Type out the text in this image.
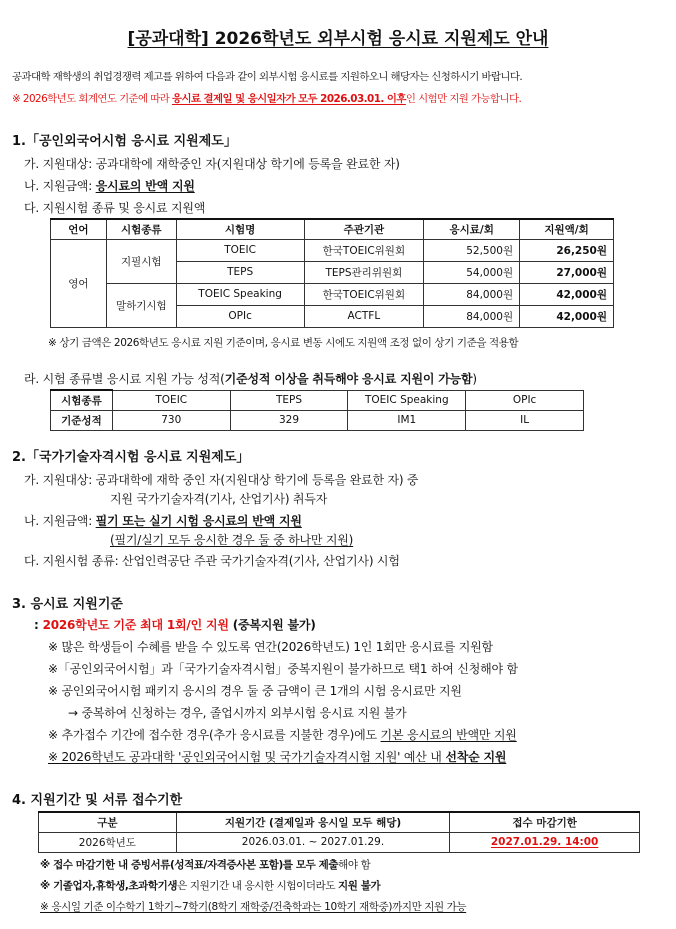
[공과대학] 2026학년도 외부시험 응시료 지원제도 안내
공과대학 재학생의 취업경쟁력 제고를 위하여 다음과 같이 외부시험 응시료를 지원하오니 해당자는 신청하시기 바랍니다.
※ 2026학년도 회계연도 기준에 따라 응시료 결제일 및 응시일자가 모두 2026.03.01. 이후인 시험만 지원 가능합니다.
1.「공인외국어시험 응시료 지원제도」
가. 지원대상: 공과대학에 재학중인 자(지원대상 학기에 등록을 완료한 자)
나. 지원금액: 응시료의 반액 지원
다. 지원시험 종류 및 응시료 지원액
언어	시험종류	시험명	주관기관	응시료/회	지원액/회
영어	지필시험	TOEIC	한국TOEIC위원회	52,500원	26,250원
		TEPS	TEPS관리위원회	54,000원	27,000원
	말하기시험	TOEIC Speaking	한국TOEIC위원회	84,000원	42,000원
		OPIc	ACTFL	84,000원	42,000원
※ 상기 금액은 2026학년도 응시료 지원 기준이며, 응시료 변동 시에도 지원액 조정 없이 상기 기준을 적용함
라. 시험 종류별 응시료 지원 가능 성적(기준성적 이상을 취득해야 응시료 지원이 가능함)
시험종류	TOEIC	TEPS	TOEIC Speaking	OPIc
기준성적	730	329	IM1	IL
2.「국가기술자격시험 응시료 지원제도」
가. 지원대상: 공과대학에 재학 중인 자(지원대상 학기에 등록을 완료한 자) 중
지원 국가기술자격(기사, 산업기사) 취득자
나. 지원금액: 필기 또는 실기 시험 응시료의 반액 지원
(필기/실기 모두 응시한 경우 둘 중 하나만 지원)
다. 지원시험 종류: 산업인력공단 주관 국가기술자격(기사, 산업기사) 시험
3. 응시료 지원기준
: 2026학년도 기준 최대 1회/인 지원 (중복지원 불가)
※ 많은 학생들이 수혜를 받을 수 있도록 연간(2026학년도) 1인 1회만 응시료를 지원함
※「공인외국어시험」과「국가기술자격시험」중복지원이 불가하므로 택1 하여 신청해야 함
※ 공인외국어시험 패키지 응시의 경우 둘 중 금액이 큰 1개의 시험 응시료만 지원
→ 중복하여 신청하는 경우, 졸업시까지 외부시험 응시료 지원 불가
※ 추가접수 기간에 접수한 경우(추가 응시료를 지불한 경우)에도 기본 응시료의 반액만 지원
※ 2026학년도 공과대학 '공인외국어시험 및 국가기술자격시험 지원' 예산 내 선착순 지원
4. 지원기간 및 서류 접수기한
구분	지원기간 (결제일과 응시일 모두 해당)	접수 마감기한
2026학년도	2026.03.01. ~ 2027.01.29.	2027.01.29. 14:00
※ 접수 마감기한 내 증빙서류(성적표/자격증사본 포함)를 모두 제출해야 함
※ 기졸업자,휴학생,초과학기생은 지원기간 내 응시한 시험이더라도 지원 불가
※ 응시일 기준 이수학기 1학기~7학기(8학기 재학중/건축학과는 10학기 재학중)까지만 지원 가능
